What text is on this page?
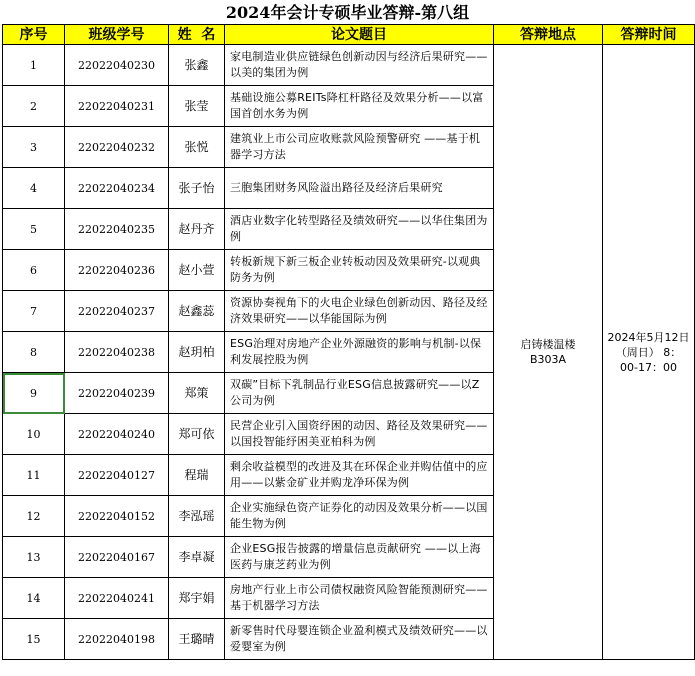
2024年会计专硕毕业答辩-第八组
序号	班级学号	姓  名	论文题目	答辩地点	答辩时间
1	22022040230	张鑫	家电制造业供应链绿色创新动因与经济后果研究——以美的集团为例	启铸楼温楼B303A	2024年5月12日（周日） 8：00-17：00
2	22022040231	张莹	基础设施公募REITs降杠杆路径及效果分析——以富国首创水务为例		
3	22022040232	张悦	建筑业上市公司应收账款风险预警研究 ——基于机器学习方法		
4	22022040234	张子怡	三胞集团财务风险溢出路径及经济后果研究		
5	22022040235	赵丹齐	酒店业数字化转型路径及绩效研究——以华住集团为例		
6	22022040236	赵小萱	转板新规下新三板企业转板动因及效果研究-以观典防务为例		
7	22022040237	赵鑫蕊	资源协奏视角下的火电企业绿色创新动因、路径及经济效果研究——以华能国际为例		
8	22022040238	赵玥柏	ESG治理对房地产企业外源融资的影响与机制-以保利发展控股为例		
9	22022040239	郑策	双碳”目标下乳制品行业ESG信息披露研究——以Z公司为例		
10	22022040240	郑可依	民营企业引入国资纾困的动因、路径及效果研究——以国投智能纾困美亚柏科为例		
11	22022040127	程瑞	剩余收益模型的改进及其在环保企业并购估值中的应用——以紫金矿业并购龙净环保为例		
12	22022040152	李泓瑶	企业实施绿色资产证券化的动因及效果分析——以国能生物为例		
13	22022040167	李卓凝	企业ESG报告披露的增量信息贡献研究 ——以上海医药与康芝药业为例		
14	22022040241	郑宇娟	房地产行业上市公司债权融资风险智能预测研究——基于机器学习方法		
15	22022040198	王璐晴	新零售时代母婴连锁企业盈利模式及绩效研究——以爱婴室为例		
